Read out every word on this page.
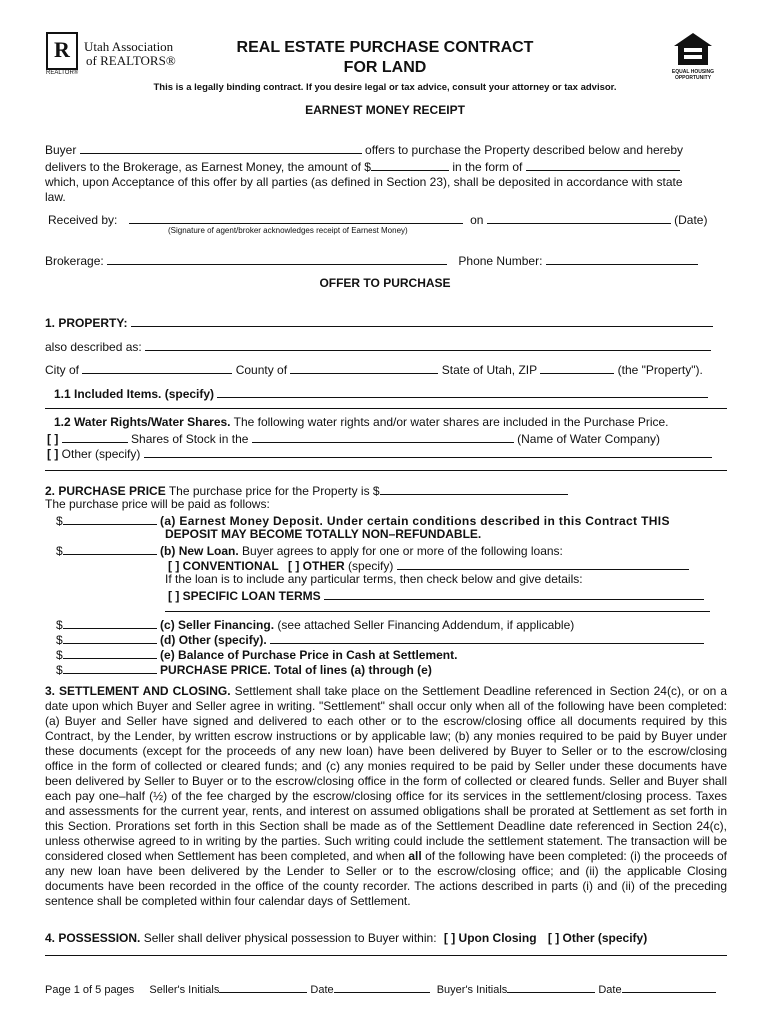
R Utah Association
of REALTORS®
REALTOR®	EQUAL HOUSING
OPPORTUNITY
REAL ESTATE PURCHASE CONTRACT
FOR LAND
This is a legally binding contract. If you desire legal or tax advice, consult your attorney or tax advisor.
EARNEST MONEY RECEIPT
Buyer	offers to purchase the Property described below and hereby
delivers to the Brokerage, as Earnest Money, the amount of $	in the form of
which, upon Acceptance of this offer by all parties (as defined in Section 23), shall be deposited in accordance with state
law.
Received by:	on	(Date)
(Signature of agent/broker acknowledges receipt of Earnest Money)
Brokerage:	Phone Number:
OFFER TO PURCHASE
1. PROPERTY:
also described as:
City of	County of	State of Utah, ZIP	(the "Property").
1.1 Included Items. (specify)
1.2 Water Rights/Water Shares. The following water rights and/or water shares are included in the Purchase Price.
[ ]	Shares of Stock in the	(Name of Water Company)
[ ] Other (specify)
2. PURCHASE PRICE The purchase price for the Property is $
The purchase price will be paid as follows:
$	(a) Earnest Money Deposit. Under certain conditions described in this Contract THIS
DEPOSIT MAY BECOME TOTALLY NON–REFUNDABLE.
$	(b) New Loan. Buyer agrees to apply for one or more of the following loans:
[ ] CONVENTIONAL [ ] OTHER (specify)
If the loan is to include any particular terms, then check below and give details:
[ ] SPECIFIC LOAN TERMS
$	(c) Seller Financing. (see attached Seller Financing Addendum, if applicable)
$	(d) Other (specify).
$	(e) Balance of Purchase Price in Cash at Settlement.
$	PURCHASE PRICE. Total of lines (a) through (e)
3. SETTLEMENT AND CLOSING. Settlement shall take place on the Settlement Deadline referenced in Section 24(c), or on a date upon which Buyer and Seller agree in writing. "Settlement" shall occur only when all of the following have been completed: (a) Buyer and Seller have signed and delivered to each other or to the escrow/closing office all documents required by this Contract, by the Lender, by written escrow instructions or by applicable law; (b) any monies required to be paid by Buyer under these documents (except for the proceeds of any new loan) have been delivered by Buyer to Seller or to the escrow/closing office in the form of collected or cleared funds; and (c) any monies required to be paid by Seller under these documents have been delivered by Seller to Buyer or to the escrow/closing office in the form of collected or cleared funds. Seller and Buyer shall each pay one–half (½) of the fee charged by the escrow/closing office for its services in the settlement/closing process. Taxes and assessments for the current year, rents, and interest on assumed obligations shall be prorated at Settlement as set forth in this Section. Prorations set forth in this Section shall be made as of the Settlement Deadline date referenced in Section 24(c), unless otherwise agreed to in writing by the parties. Such writing could include the settlement statement. The transaction will be considered closed when Settlement has been completed, and when all of the following have been completed: (i) the proceeds of any new loan have been delivered by the Lender to Seller or to the escrow/closing office; and (ii) the applicable Closing documents have been recorded in the office of the county recorder. The actions described in parts (i) and (ii) of the preceding sentence shall be completed within four calendar days of Settlement.
4. POSSESSION. Seller shall deliver physical possession to Buyer within: [ ] Upon Closing [ ] Other (specify)
Page 1 of 5 pages Seller's Initials	Date	Buyer's Initials	Date
